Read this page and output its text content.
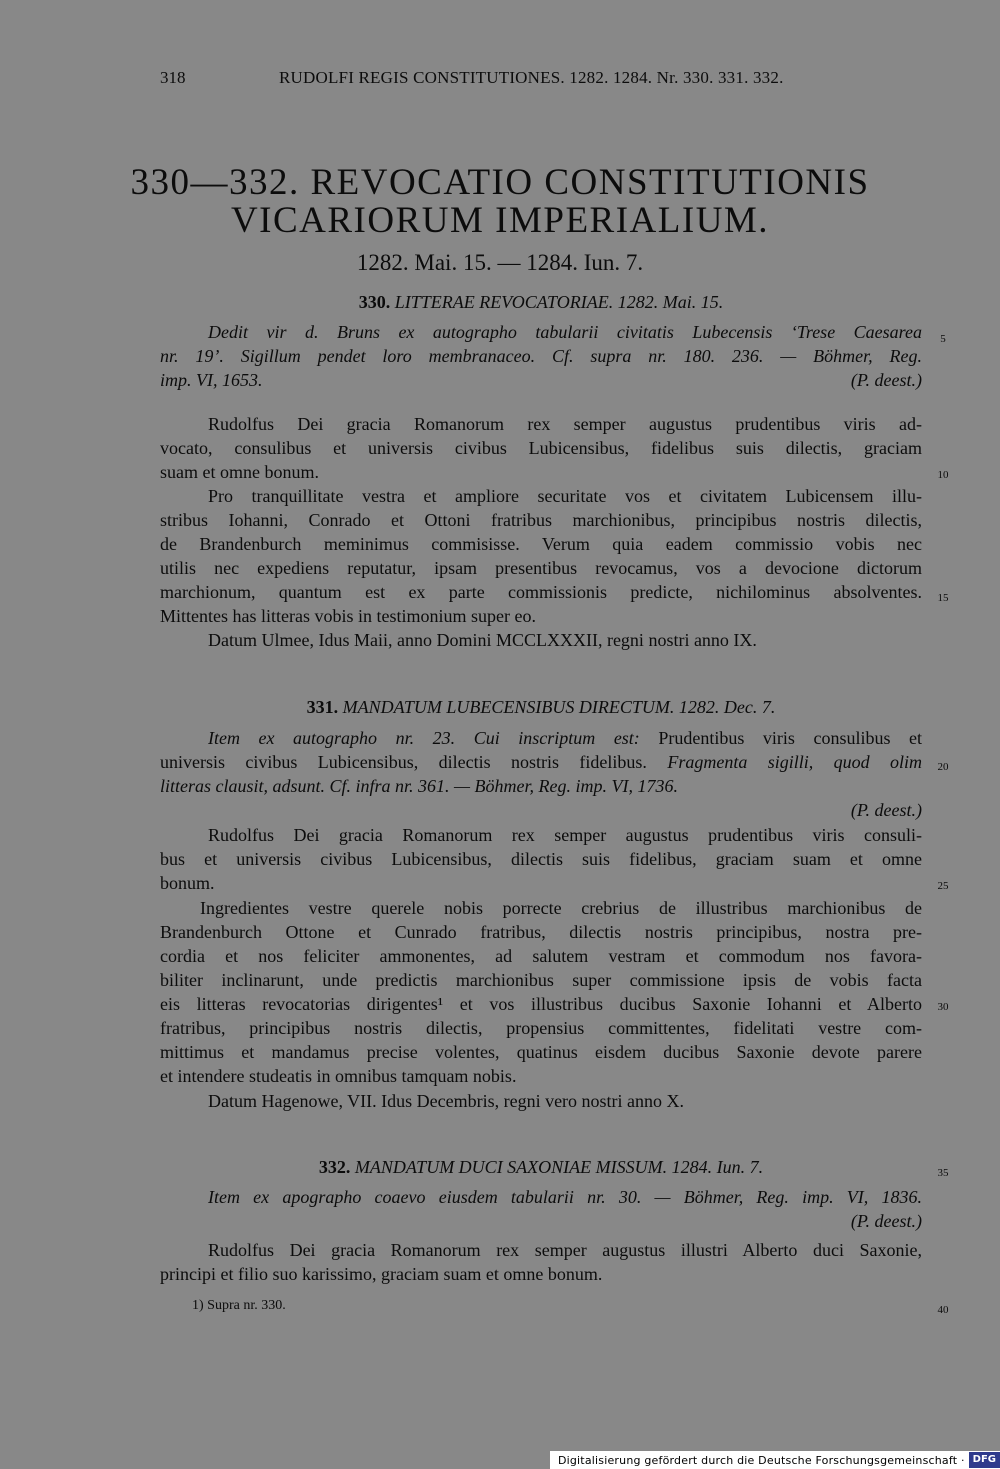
318	RUDOLFI REGIS CONSTITUTIONES. 1282. 1284. Nr. 330. 331. 332.
330—332. REVOCATIO CONSTITUTIONIS
VICARIORUM IMPERIALIUM.
1282. Mai. 15. — 1284. Iun. 7.
330. LITTERAE REVOCATORIAE. 1282. Mai. 15.
Dedit vir d. Bruns ex autographo tabularii civitatis Lubecensis ‘Trese Caesarea
nr. 19’. Sigillum pendet loro membranaceo. Cf. supra nr. 180. 236. — Böhmer, Reg.
imp. VI, 1653.	(P. deest.)
Rudolfus Dei gracia Romanorum rex semper augustus prudentibus viris ad-
vocato, consulibus et universis civibus Lubicensibus, fidelibus suis dilectis, graciam
suam et omne bonum.
Pro tranquillitate vestra et ampliore securitate vos et civitatem Lubicensem illu-
stribus Iohanni, Conrado et Ottoni fratribus marchionibus, principibus nostris dilectis,
de Brandenburch meminimus commisisse. Verum quia eadem commissio vobis nec
utilis nec expediens reputatur, ipsam presentibus revocamus, vos a devocione dictorum
marchionum, quantum est ex parte commissionis predicte, nichilominus absolventes.
Mittentes has litteras vobis in testimonium super eo.
Datum Ulmee, Idus Maii, anno Domini MCCLXXXII, regni nostri anno IX.
331. MANDATUM LUBECENSIBUS DIRECTUM. 1282. Dec. 7.
Item ex autographo nr. 23. Cui inscriptum est: Prudentibus viris consulibus et
universis civibus Lubicensibus, dilectis nostris fidelibus. Fragmenta sigilli, quod olim
litteras clausit, adsunt. Cf. infra nr. 361. — Böhmer, Reg. imp. VI, 1736.
(P. deest.)
Rudolfus Dei gracia Romanorum rex semper augustus prudentibus viris consuli-
bus et universis civibus Lubicensibus, dilectis suis fidelibus, graciam suam et omne
bonum.
Ingredientes vestre querele nobis porrecte crebrius de illustribus marchionibus de
Brandenburch Ottone et Cunrado fratribus, dilectis nostris principibus, nostra pre-
cordia et nos feliciter ammonentes, ad salutem vestram et commodum nos favora-
biliter inclinarunt, unde predictis marchionibus super commissione ipsis de vobis facta
eis litteras revocatorias dirigentes¹ et vos illustribus ducibus Saxonie Iohanni et Alberto
fratribus, principibus nostris dilectis, propensius committentes, fidelitati vestre com-
mittimus et mandamus precise volentes, quatinus eisdem ducibus Saxonie devote parere
et intendere studeatis in omnibus tamquam nobis.
Datum Hagenowe, VII. Idus Decembris, regni vero nostri anno X.
332. MANDATUM DUCI SAXONIAE MISSUM. 1284. Iun. 7.
Item ex apographo coaevo eiusdem tabularii nr. 30. — Böhmer, Reg. imp. VI, 1836.
(P. deest.)
Rudolfus Dei gracia Romanorum rex semper augustus illustri Alberto duci Saxonie,
principi et filio suo karissimo, graciam suam et omne bonum.
1) Supra nr. 330.
5
10
15
20
25
30
35
40
Digitalisierung gefördert durch die Deutsche Forschungsgemeinschaft · DFG
